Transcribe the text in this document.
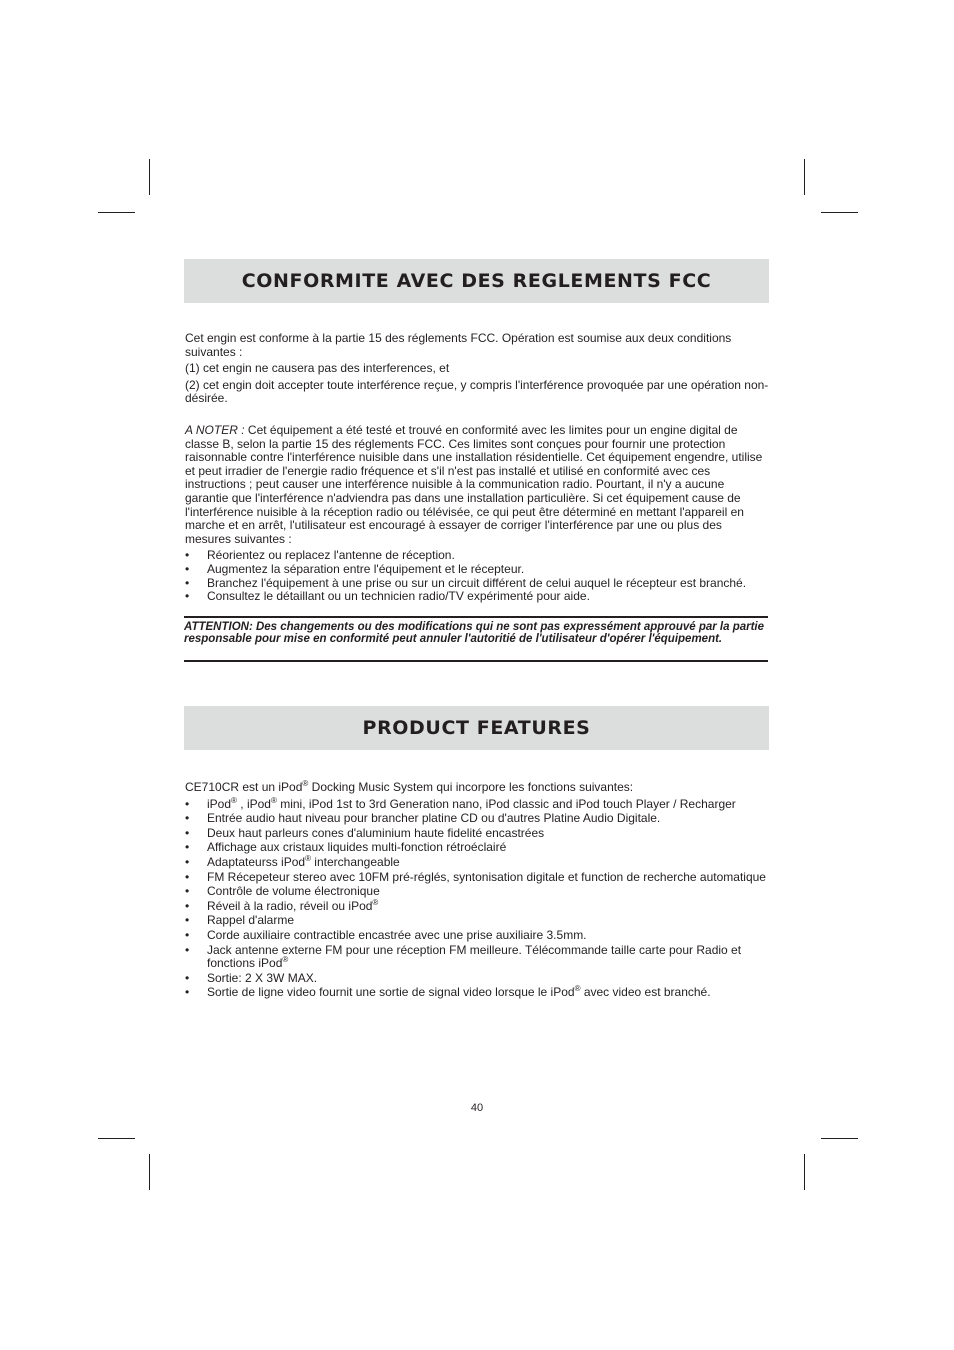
CONFORMITE AVEC DES REGLEMENTS FCC

Cet engin est conforme à la partie 15 des réglements FCC. Opération est soumise aux deux conditions suivantes :

(1) cet engin ne causera pas des interferences, et

(2) cet engin doit accepter toute interférence reçue, y compris l'interférence provoquée par une opération non-désirée.

A NOTER : Cet équipement a été testé et trouvé en conformité avec les limites pour un engine digital de classe B, selon la partie 15 des réglements FCC. Ces limites sont conçues pour fournir une protection raisonnable contre l'interférence nuisible dans une installation résidentielle. Cet équipement engendre, utilise et peut irradier de l'energie radio fréquence et s'il n'est pas installé et utilisé en conformité avec ces instructions ; peut causer une interférence nuisible à la communication radio. Pourtant, il n'y a aucune garantie que l'interférence n'adviendra pas dans une installation particulière. Si cet équipement cause de l'interférence nuisible à la réception radio ou télévisée, ce qui peut être déterminé en mettant l'appareil en marche et en arrêt, l'utilisateur est encouragé à essayer de corriger l'interférence par une ou plus des mesures suivantes :

• Réorientez ou replacez l'antenne de réception.
• Augmentez la séparation entre l'équipement et le récepteur.
• Branchez l'équipement à une prise ou sur un circuit différent de celui auquel le récepteur est branché.
• Consultez le détaillant ou un technicien radio/TV expérimenté pour aide.
ATTENTION: Des changements ou des modifications qui ne sont pas expressément approuvé par la partie responsable pour mise en conformité peut annuler l'autoritié de l'utilisateur d'opérer l'équipement.
PRODUCT FEATURES

CE710CR est un iPod® Docking Music System qui incorpore les fonctions suivantes:

• iPod® , iPod® mini, iPod 1st to 3rd Generation nano, iPod classic and iPod touch Player / Recharger
• Entrée audio haut niveau pour brancher platine CD ou d'autres Platine Audio Digitale.
• Deux haut parleurs cones d'aluminium haute fidelité encastrées
• Affichage aux cristaux liquides multi-fonction rétroéclairé
• Adaptateurss iPod® interchangeable
• FM Récepeteur stereo avec 10FM pré-réglés, syntonisation digitale et function de recherche automatique
• Contrôle de volume électronique
• Réveil à la radio, réveil ou iPod®
• Rappel d'alarme
• Corde auxiliaire contractible encastrée avec une prise auxiliaire 3.5mm.
• Jack antenne externe FM pour une réception FM meilleure. Télécommande taille carte pour Radio et fonctions iPod®
• Sortie: 2 X 3W MAX.
• Sortie de ligne video fournit une sortie de signal video lorsque le iPod® avec video est branché.
40
